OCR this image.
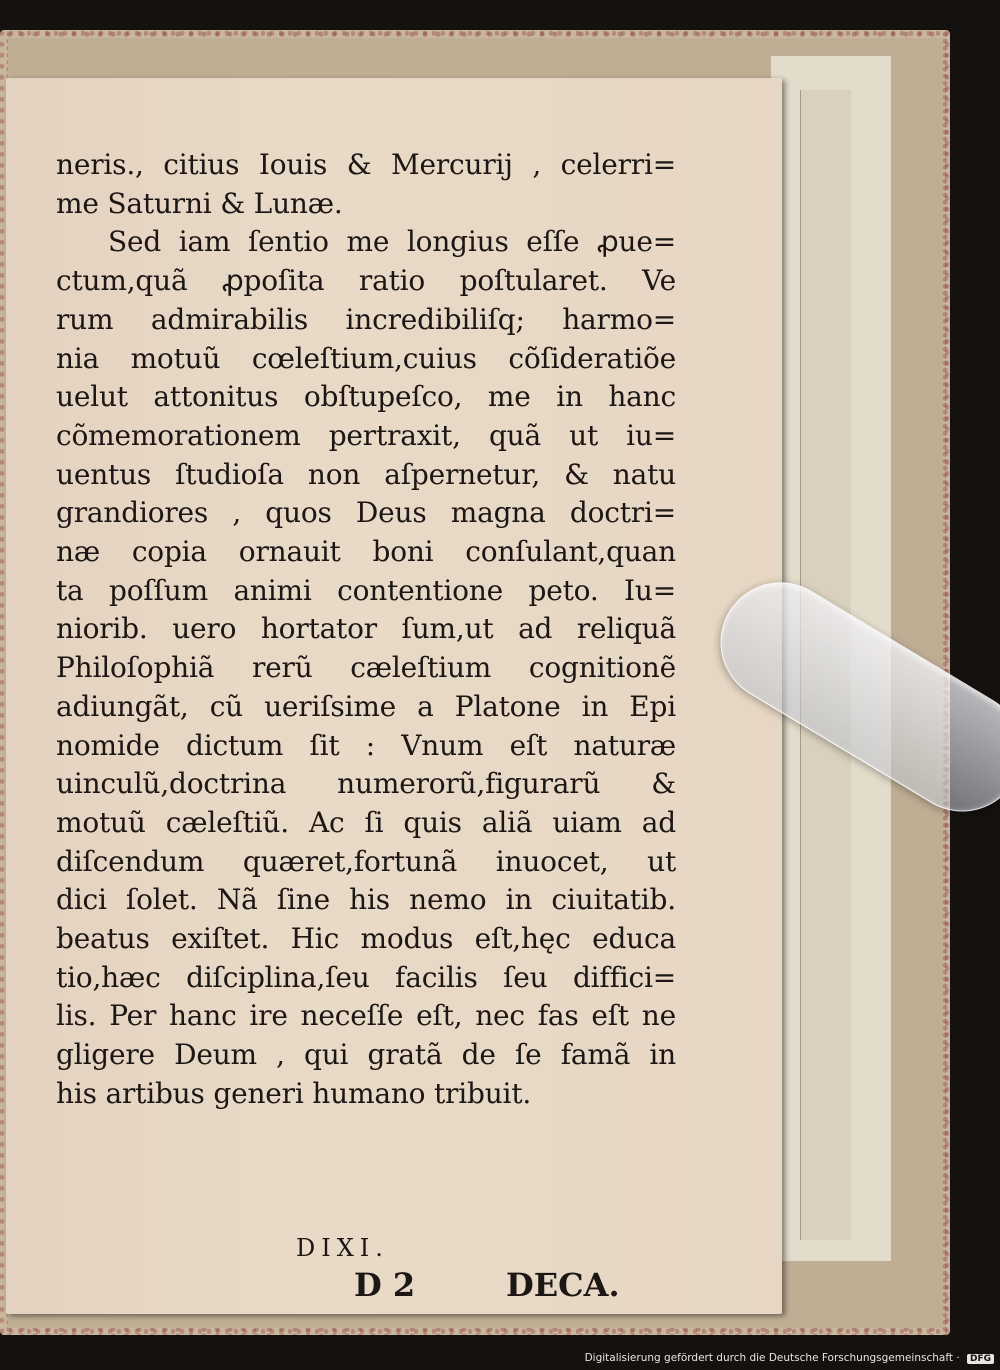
neris., citius Iouis & Mercurij , celerri=
me Saturni & Lunæ.
Sed iam ſentio me longius eſſe ꝓue=
ctum,quã ꝓpoſita ratio poſtularet. Ve
rum admirabilis incredibiliſq; harmo=
nia motuũ cœleſtium,cuius cõſideratiõe
uelut attonitus obſtupeſco, me in hanc
cõmemorationem pertraxit, quã ut iu=
uentus ſtudioſa non aſpernetur, & natu
grandiores , quos Deus magna doctri=
næ copia ornauit boni conſulant,quan
ta poſſum animi contentione peto. Iu=
niorib. uero hortator ſum,ut ad reliquã
Philoſophiã rerũ cæleſtium cognitionẽ
adiungãt, cũ ueriſsime a Platone in Epi
nomide dictum ſit : Vnum eſt naturæ
uinculũ,doctrina numerorũ,figurarũ &
motuũ cæleſtiũ. Ac ſi quis aliã uiam ad
diſcendum quæret,fortunã inuocet, ut
dici ſolet. Nã ſine his nemo in ciuitatib.
beatus exiſtet. Hic modus eſt,hęc educa
tio,hæc diſciplina,ſeu facilis ſeu diffici=
lis. Per hanc ire neceſſe eſt, nec fas eſt ne
gligere Deum , qui gratã de ſe famã in
his artibus generi humano tribuit.
DIXI.
D 2	DECA.
Digitalisierung gefördert durch die Deutsche Forschungsgemeinschaft · DFG
